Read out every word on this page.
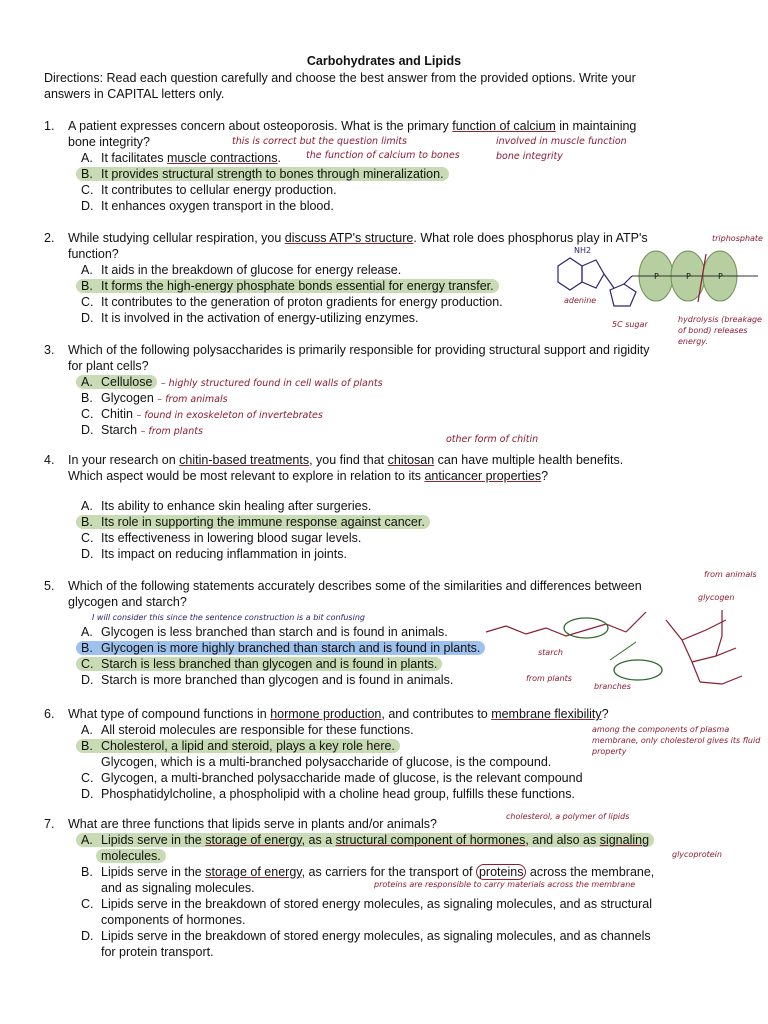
Carbohydrates and Lipids
Directions: Read each question carefully and choose the best answer from the provided options. Write your
answers in CAPITAL letters only.
1. A patient expresses concern about osteoporosis. What is the primary function of calcium in maintaining
bone integrity?
A. It facilitates muscle contractions.
B. It provides structural strength to bones through mineralization.
C. It contributes to cellular energy production.
D. It enhances oxygen transport in the blood.
this is correct but the question limits
the function of calcium to bones
involved in muscle function
bone integrity
2. While studying cellular respiration, you discuss ATP's structure. What role does phosphorus play in ATP's
function?
A. It aids in the breakdown of glucose for energy release.
B. It forms the high-energy phosphate bonds essential for energy transfer.
C. It contributes to the generation of proton gradients for energy production.
D. It is involved in the activation of energy-utilizing enzymes.
triphosphate
NH2
adenine
5C sugar
hydrolysis (breakage of bond) releases energy.
P	P	P
3. Which of the following polysaccharides is primarily responsible for providing structural support and rigidity
for plant cells?
A. Cellulose – highly structured found in cell walls of plants
B. Glycogen – from animals
C. Chitin – found in exoskeleton of invertebrates
D. Starch – from plants
other form of chitin
4. In your research on chitin-based treatments, you find that chitosan can have multiple health benefits.
Which aspect would be most relevant to explore in relation to its anticancer properties?
A. Its ability to enhance skin healing after surgeries.
B. Its role in supporting the immune response against cancer.
C. Its effectiveness in lowering blood sugar levels.
D. Its impact on reducing inflammation in joints.
5. Which of the following statements accurately describes some of the similarities and differences between
glycogen and starch?
A. Glycogen is less branched than starch and is found in animals.
B. Glycogen is more highly branched than starch and is found in plants.
C. Starch is less branched than glycogen and is found in plants.
D. Starch is more branched than glycogen and is found in animals.
I will consider this since the sentence construction is a bit confusing
from animals
glycogen
starch
from plants
branches
6. What type of compound functions in hormone production, and contributes to membrane flexibility?
A. All steroid molecules are responsible for these functions.
B. Cholesterol, a lipid and steroid, plays a key role here.
Glycogen, which is a multi-branched polysaccharide of glucose, is the compound.
C. Glycogen, a multi-branched polysaccharide made of glucose, is the relevant compound
D. Phosphatidylcholine, a phospholipid with a choline head group, fulfills these functions.
among the components of plasma membrane, only cholesterol gives its fluid property
7. What are three functions that lipids serve in plants and/or animals?
A. Lipids serve in the storage of energy, as a structural component of hormones, and also as signaling
molecules.
B. Lipids serve in the storage of energy, as carriers for the transport of proteins across the membrane,
and as signaling molecules.
C. Lipids serve in the breakdown of stored energy molecules, as signaling molecules, and as structural
components of hormones.
D. Lipids serve in the breakdown of stored energy molecules, as signaling molecules, and as channels
for protein transport.
cholesterol, a polymer of lipids
glycoprotein
proteins are responsible to carry materials across the membrane
